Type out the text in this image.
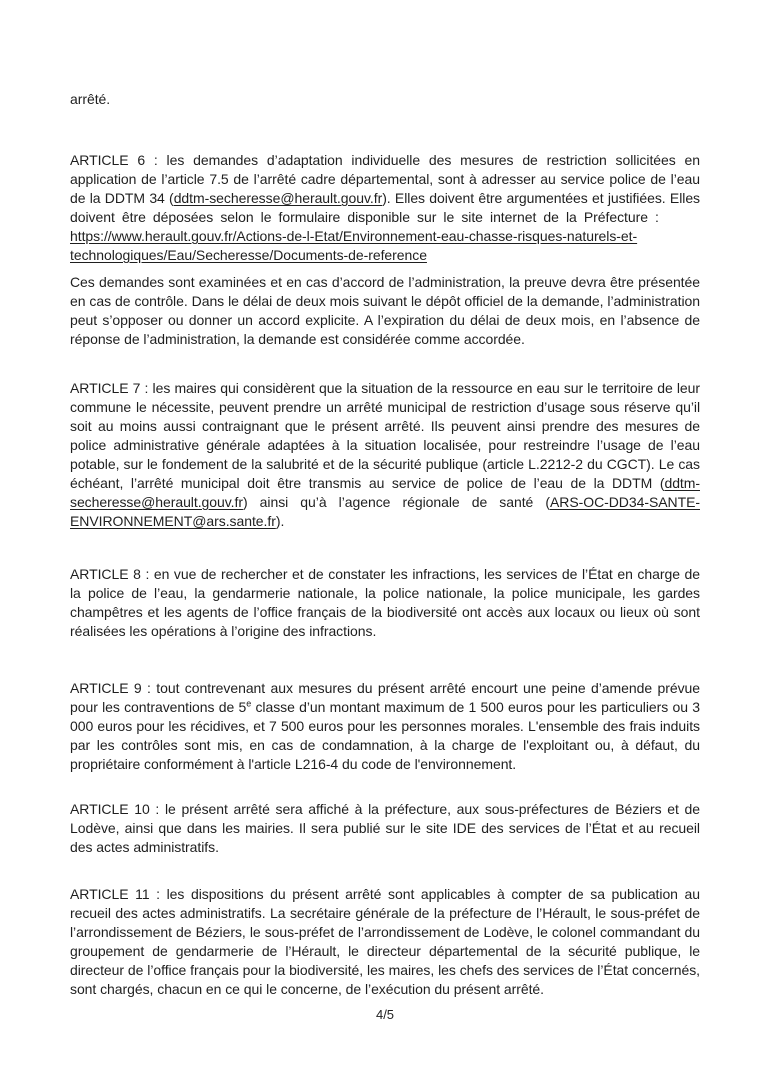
arrêté.

ARTICLE 6 : les demandes d’adaptation individuelle des mesures de restriction sollicitées en application de l’article 7.5 de l’arrêté cadre départemental, sont à adresser au service police de l’eau de la DDTM 34 (ddtm-secheresse@herault.gouv.fr). Elles doivent être argumentées et justifiées. Elles doivent être déposées selon le formulaire disponible sur le site internet de la Préfecture : https://www.herault.gouv.fr/Actions-de-l-Etat/Environnement-eau-chasse-risques-naturels-et-technologiques/Eau/Secheresse/Documents-de-reference

Ces demandes sont examinées et en cas d’accord de l’administration, la preuve devra être présentée en cas de contrôle. Dans le délai de deux mois suivant le dépôt officiel de la demande, l’administration peut s’opposer ou donner un accord explicite. A l’expiration du délai de deux mois, en l’absence de réponse de l’administration, la demande est considérée comme accordée.

ARTICLE 7 : les maires qui considèrent que la situation de la ressource en eau sur le territoire de leur commune le nécessite, peuvent prendre un arrêté municipal de restriction d’usage sous réserve qu’il soit au moins aussi contraignant que le présent arrêté. Ils peuvent ainsi prendre des mesures de police administrative générale adaptées à la situation localisée, pour restreindre l’usage de l’eau potable, sur le fondement de la salubrité et de la sécurité publique (article L.2212-2 du CGCT). Le cas échéant, l’arrêté municipal doit être transmis au service de police de l’eau de la DDTM (ddtm-secheresse@herault.gouv.fr) ainsi qu’à l’agence régionale de santé (ARS-OC-DD34-SANTE-ENVIRONNEMENT@ars.sante.fr).

ARTICLE 8 : en vue de rechercher et de constater les infractions, les services de l’État en charge de la police de l’eau, la gendarmerie nationale, la police nationale, la police municipale, les gardes champêtres et les agents de l’office français de la biodiversité ont accès aux locaux ou lieux où sont réalisées les opérations à l’origine des infractions.

ARTICLE 9 : tout contrevenant aux mesures du présent arrêté encourt une peine d’amende prévue pour les contraventions de 5e classe d’un montant maximum de 1 500 euros pour les particuliers ou 3 000 euros pour les récidives, et 7 500 euros pour les personnes morales. L'ensemble des frais induits par les contrôles sont mis, en cas de condamnation, à la charge de l'exploitant ou, à défaut, du propriétaire conformément à l'article L216-4 du code de l'environnement.

ARTICLE 10 : le présent arrêté sera affiché à la préfecture, aux sous-préfectures de Béziers et de Lodève, ainsi que dans les mairies. Il sera publié sur le site IDE des services de l’État et au recueil des actes administratifs.

ARTICLE 11 : les dispositions du présent arrêté sont applicables à compter de sa publication au recueil des actes administratifs. La secrétaire générale de la préfecture de l’Hérault, le sous-préfet de l’arrondissement de Béziers, le sous-préfet de l’arrondissement de Lodève, le colonel commandant du groupement de gendarmerie de l’Hérault, le directeur départemental de la sécurité publique, le directeur de l’office français pour la biodiversité, les maires, les chefs des services de l’État concernés, sont chargés, chacun en ce qui le concerne, de l’exécution du présent arrêté.

4/5
